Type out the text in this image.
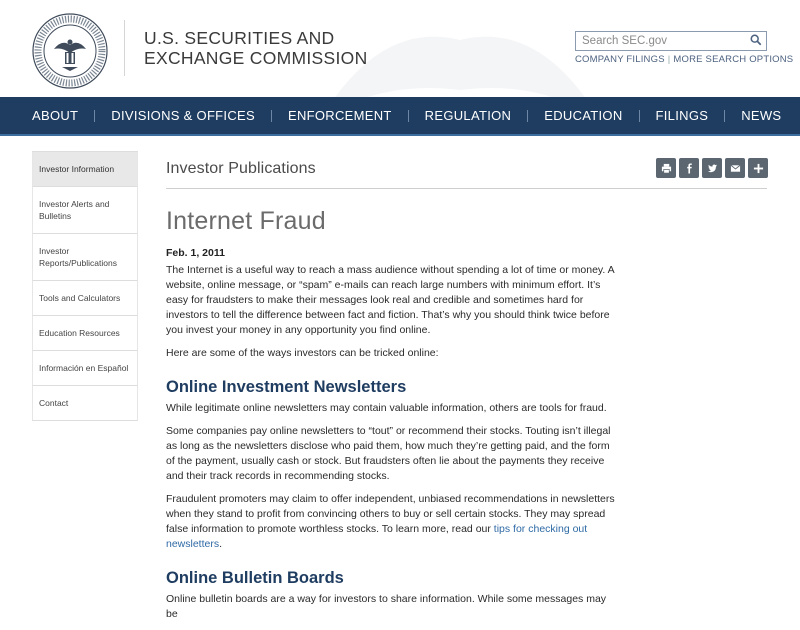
U.S. SECURITIES AND
EXCHANGE COMMISSION
Search SEC.gov	COMPANY FILINGS | MORE SEARCH OPTIONS
ABOUT	DIVISIONS & OFFICES	ENFORCEMENT	REGULATION	EDUCATION	FILINGS	NEWS
Investor Information
Investor Alerts and Bulletins
Investor Reports/Publications
Tools and Calculators
Education Resources
Información en Español
Contact
Investor Publications
Internet Fraud
Feb. 1, 2011

The Internet is a useful way to reach a mass audience without spending a lot of time or money. A website, online message, or “spam” e-mails can reach large numbers with minimum effort. It’s easy for fraudsters to make their messages look real and credible and sometimes hard for investors to tell the difference between fact and fiction. That’s why you should think twice before you invest your money in any opportunity you find online.

Here are some of the ways investors can be tricked online:

Online Investment Newsletters

While legitimate online newsletters may contain valuable information, others are tools for fraud.

Some companies pay online newsletters to “tout” or recommend their stocks. Touting isn’t illegal as long as the newsletters disclose who paid them, how much they’re getting paid, and the form of the payment, usually cash or stock. But fraudsters often lie about the payments they receive and their track records in recommending stocks.

Fraudulent promoters may claim to offer independent, unbiased recommendations in newsletters when they stand to profit from convincing others to buy or sell certain stocks. They may spread false information to promote worthless stocks. To learn more, read our tips for checking out newsletters.

Online Bulletin Boards

Online bulletin boards are a way for investors to share information. While some messages may be
